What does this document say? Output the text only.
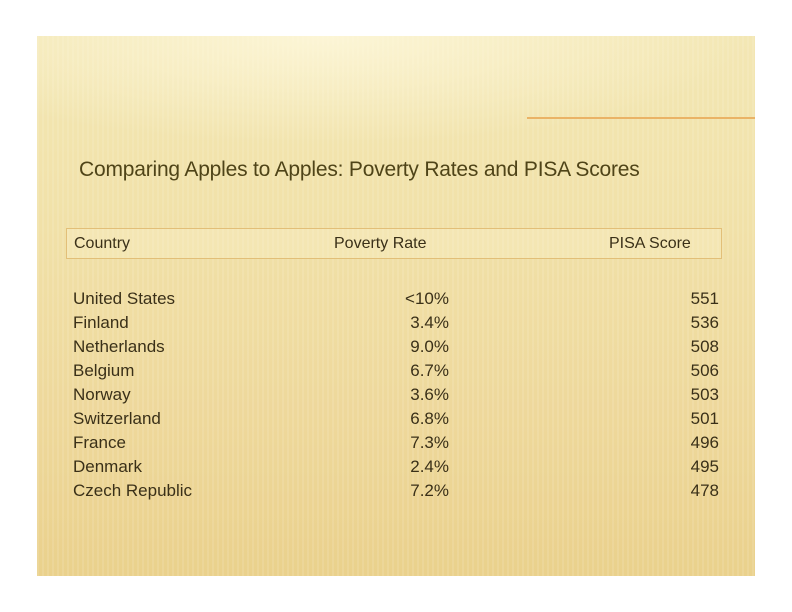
Comparing Apples to Apples: Poverty Rates and PISA Scores
Country	Poverty Rate	PISA Score
United States	<10%	551
Finland	3.4%	536
Netherlands	9.0%	508
Belgium	6.7%	506
Norway	3.6%	503
Switzerland	6.8%	501
France	7.3%	496
Denmark	2.4%	495
Czech Republic	7.2%	478
